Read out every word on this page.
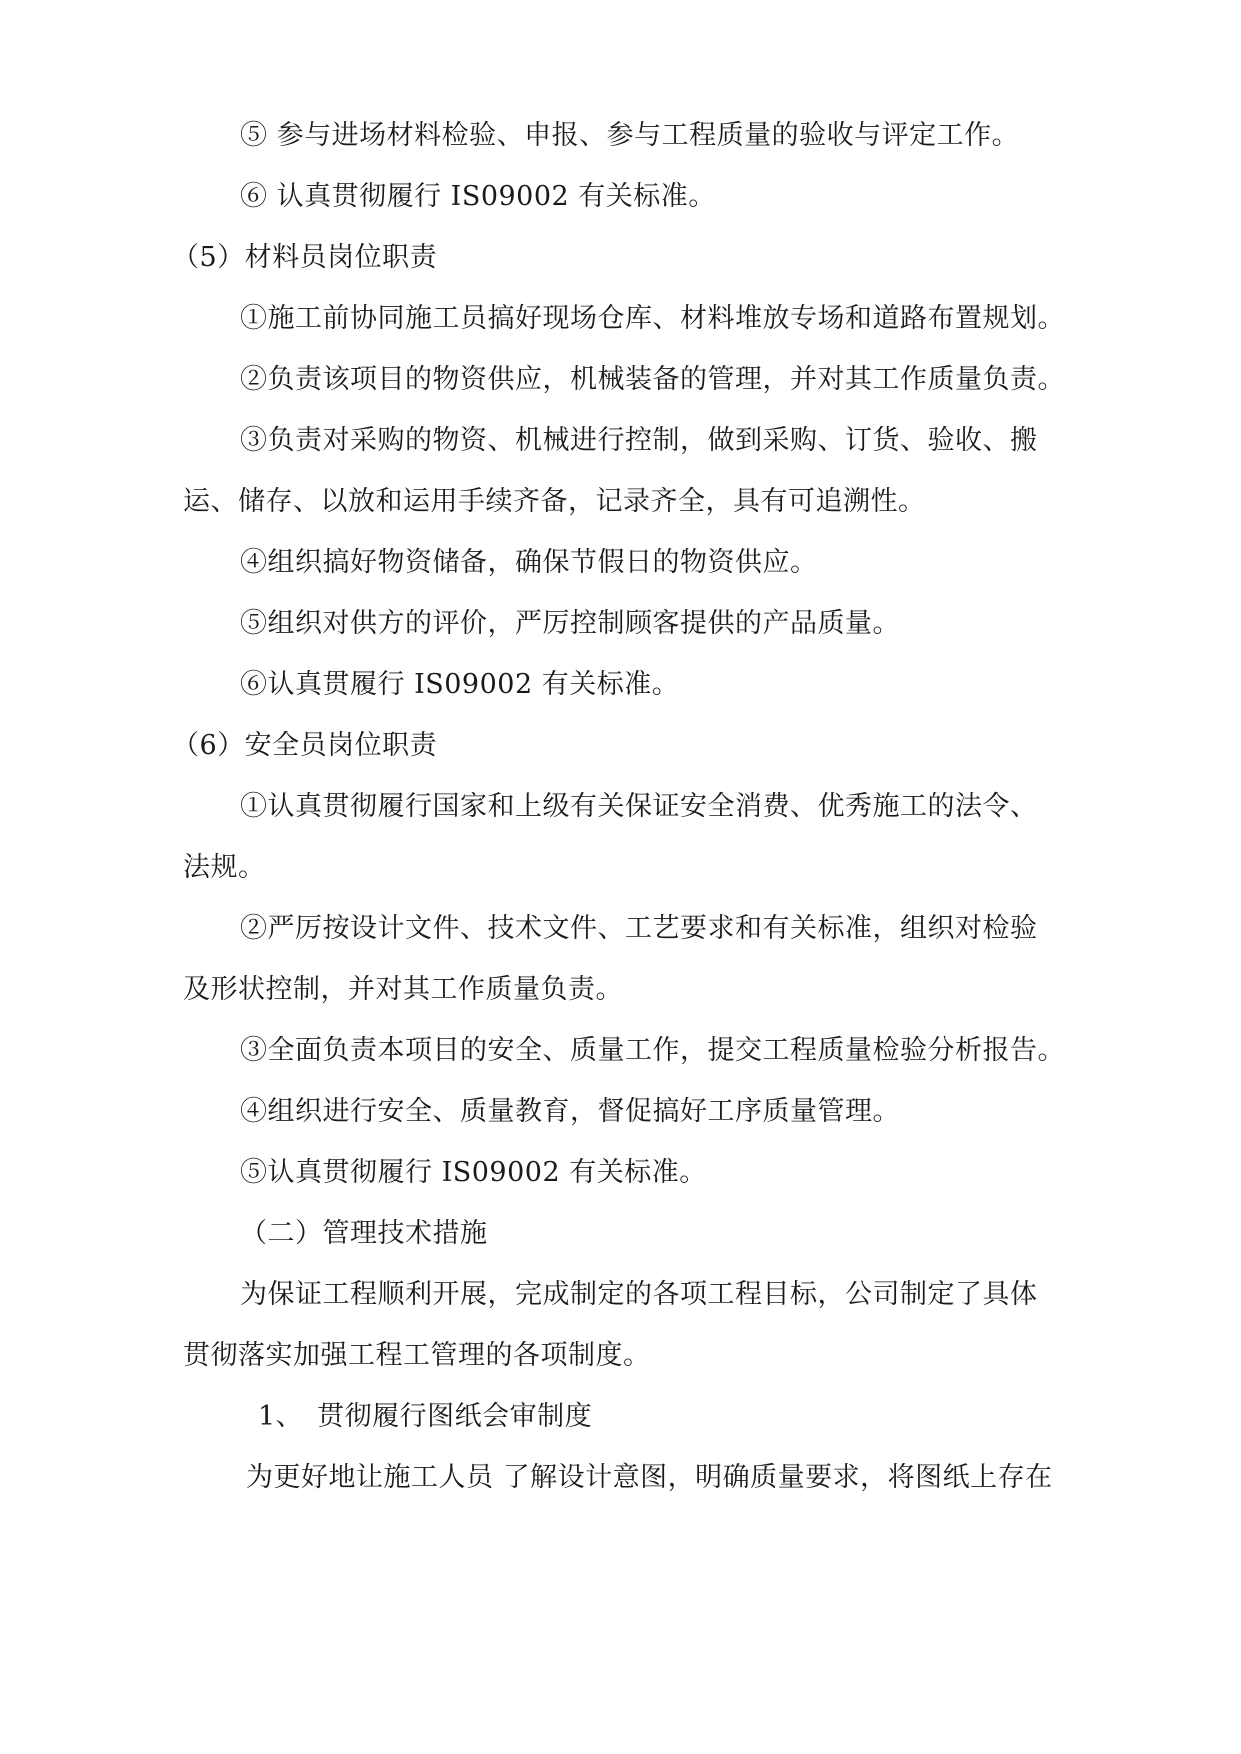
⑤ 参与进场材料检验、申报、参与工程质量的验收与评定工作。
⑥ 认真贯彻履行 IS09002 有关标准。
（5）材料员岗位职责
①施工前协同施工员搞好现场仓库、材料堆放专场和道路布置规划。
②负责该项目的物资供应，机械装备的管理，并对其工作质量负责。
③负责对采购的物资、机械进行控制，做到采购、订货、验收、搬
运、储存、以放和运用手续齐备，记录齐全，具有可追溯性。
④组织搞好物资储备，确保节假日的物资供应。
⑤组织对供方的评价，严厉控制顾客提供的产品质量。
⑥认真贯履行 IS09002 有关标准。
（6）安全员岗位职责
①认真贯彻履行国家和上级有关保证安全消费、优秀施工的法令、
法规。
②严厉按设计文件、技术文件、工艺要求和有关标准，组织对检验
及形状控制，并对其工作质量负责。
③全面负责本项目的安全、质量工作，提交工程质量检验分析报告。
④组织进行安全、质量教育，督促搞好工序质量管理。
⑤认真贯彻履行 IS09002 有关标准。
（二）管理技术措施
为保证工程顺利开展，完成制定的各项工程目标，公司制定了具体
贯彻落实加强工程工管理的各项制度。
1、　贯彻履行图纸会审制度
为更好地让施工人员 了解设计意图，明确质量要求，将图纸上存在
